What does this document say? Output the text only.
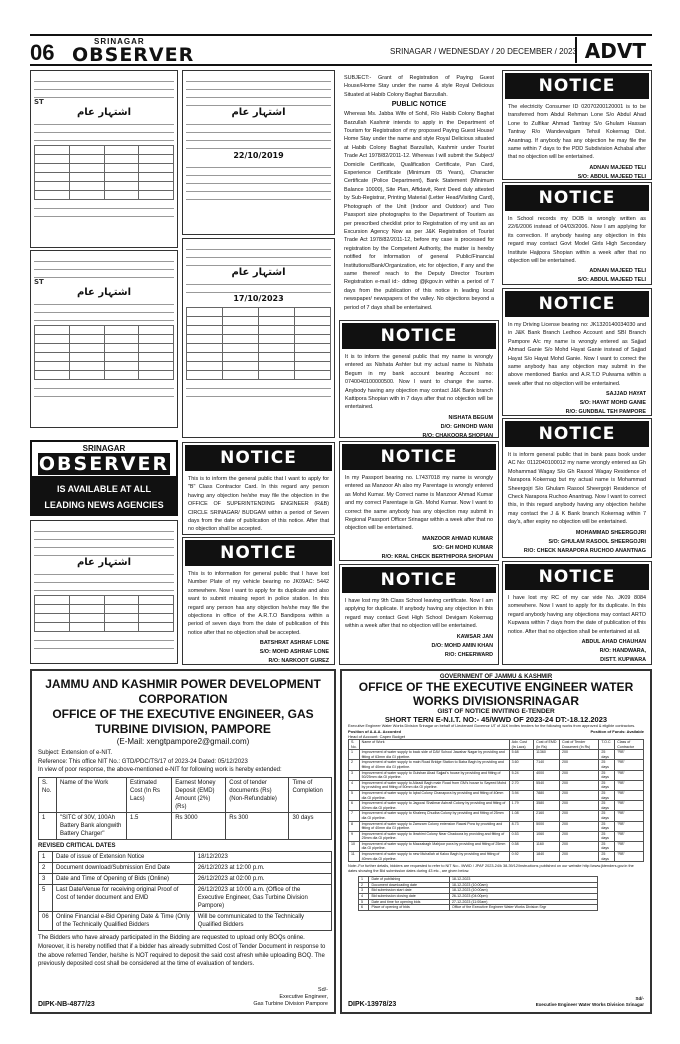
06	SRINAGAR
OBSERVER	SRINAGAR / WEDNESDAY / 20 DECEMBER / 2023 ADVT
ST
اشتہار عام

ST
اشتہار عام

اشتہار عام
22/10/2019
اشتہار عام
17/10/2023

SRINAGAR
OBSERVER
IS AVAILABLE AT ALL LEADING NEWS AGENCIES
اشتہار عام

NOTICE
This is to inform the general public that I want to apply for "B" Class Contractor Card. In this regard any person having any objection he/she may file the objection in the OFFICE OF SUPERINTENDING ENGINEER (R&B) CIRCLE SRINAGAR/ BUDGAM within a period of Seven days from the date of publication of this notice. After that no objection shall be accepted.
NOTICE
This is to information for general public that I have lost Number Plate of my vehicle bearing no JK09AC: 5442 somewhere. Now I want to apply for its duplicate and also want to submit missing report in police station. In this regard any person has any objection he/she may file the objections in office of the A.R.T.O Bandipora within a period of seven days from the date of publication of this notice after that no objection shall be accepted.
BATSHRAT ASHRAF LONE
S/O: MOHD ASHRAF LONE
R/O: NARKOOT GUREZ
SUBJECT:- Grant of Registration of Paying Guest House/Home Stay under the name & style Royal Delicious Situated at Habib Colony Baghat Barzullah.
PUBLIC NOTICE
Whereas Ms. Jabba Wife of Sohil, R/o Habib Colony Baghat Barzullah Kashmir intends to apply in the Department of Tourism for Registration of my proposed Paying Guest House/ Home Stay under the name and style Royal Delicious situated at Habib Colony Baghat Barzullah, Kashmir under Tourist Trade Act 1978/82/2011-12. Whereas I will submit the Subject/ Domicile Certificate, Qualification Certificate, Pan Card, Experience Certificate (Minimum 05 Years), Character Certificate (Police Department), Bank Statement (Minimum Balance 10000), Site Plan, Affidavit, Rent Deed duly attested by Sub-Registrar, Printing Material (Letter Head/Visiting Card), Photograph of the Unit (Indoor and Outdoor) and Two Passport size photographs to the Department of Tourism as per prescribed checklist prior to Registration of my unit as an Excursion Agency Now as per J&K Registration of Tourist Trade Act 1978/82/2011-12, before my case is processed for registration by the Competent Authority, the matter is hereby notified for information of general Public/Financial Institutions/Bank/Organization, etc for objection, if any and the same thereof reach to the Deputy Director Tourism Registration e-mail id:- ddtreg @jkgov.in within a period of 7 days from the publication of this notice in leading local newspaper/ newspapers of the valley. No objections beyond a period of 7 days shall be entertained.
NOTICE
It is to inform the general public that my name is wrongly entered as Nishata Ashter but my actual name is Nishata Begum in my bank account bearing Account no: 0740040100000500. Now I want to change the same. Anybody having any objection may contact J&K Bank branch Kattipora Shopian with in 7 days after that no objection will be entertained.
NISHATA BEGUM
D/O: GHNOHD WANI
R/O: CHAKOORA SHOPIAN
NOTICE
In my Passport bearing no. L7437018 my name is wrongly entered as Manzoor Ah also my Parentage is wrongly entered as Mohd Kumar. My Correct name is Manzoor Ahmad Kumar and my correct Parentage is Gh. Mohd Kumar. Now I want to correct the same anybody has any objection may submit in Regional Passport Officer Srinagar within a week after that no objection will be entertained.
MANZOOR AHMAD KUMAR
S/O: GH MOHD KUMAR
R/O: KRAL CHECK BERTHIPORA SHOPIAN
NOTICE
I have lost my 9th Class School leaving certificate. Now I am applying for duplicate. If anybody having any objection in this regard may contact Govt High School Devigam Kokernag within a week after that no objection will be entertained.
KAWSAR JAN
D/O: MOHD AMIN KHAN
R/O: CHEERWARD
NOTICE
The electricity Consumer ID 02070200120001 is to be transferred from Abdul Rehman Lone S/o Abdul Ahad Lone to Zulfikar Ahmad Tantray S/o Ghulam Hassan Tantray R/o Wandevalgam Tehsil Kokernag Dist. Anantnag. If anybody has any objection he may file the same within 7 days to the PDD Subdivision Achabal after that no objection will be entertained.
ADNAN MAJEED TELI
S/O: ABDUL MAJEED TELI
NOTICE
In School records my DOB is wrongly written as 22/6/2006 instead of 04/03/2006. Now I am applying for its correction. If anybody having any objection in this regard may contact Govt Model Girls High Secondary Institute Hajipora Shopian within a week after that no objection will be entertained.
ADNAN MAJEED TELI
S/O: ABDUL MAJEED TELI
NOTICE
In my Driving License bearing no: JK1320140034030 and in J&K Bank Branch Ledhoo Account and SBI Branch Pampore A/c my name is wrongly entered as Sajjad Ahmad Ganie S/o Mohd Hayat Ganie instead of Sajjad Hayat S/o Hayat Mohd Ganie. Now I want to correct the same anybody has any objection may submit in the above mentioned Banks and A.R.T.O Pulwama within a week after that no objection will be entertained.
SAJJAD HAYAT
S/O: HAYAT MOHD GANIE
R/O: GUNDBAL TEH PAMPORE
NOTICE
It is inform general public that in bank pass book under AC No: 0112040100012 my name wrongly entered as Gh Mohammad Wagay S/o Gh Rasool Wagay Residence of Narapora Kokernag but my actual name is Mohammad Sheergojri S/o Ghulam Rasool Sheergojri Residence of Check Narapora Ruchoo Anantnag. Now I want to correct this, in this regard anybody having any objection he/she may contact the J & K Bank branch Kokernag within 7 day's, after expiry no objection will be entertained.
MOHAMMAD SHEERGOJRI
S/O: GHULAM RASOOL SHEERGOJRI
R/O: CHECK NARAPORA RUCHOO ANANTNAG
NOTICE
I have lost my RC of my car vide No. JK09 8084 somewhere. Now I want to apply for its duplicate. In this regard anybody having any objections may contact ARTO Kupwara within 7 days from the date of publication of this notice. After that no objection shall be entertained at all.
ABDUL AHAD CHAUHAN
R/O: HANDWARA,
DISTT. KUPWARA
JAMMU AND KASHMIR POWER DEVELOPMENT CORPORATION
OFFICE OF THE EXECUTIVE ENGINEER, GAS TURBINE DIVISION, PAMPORE
(E-Mail: xengtpampore2@gmail.com)

Subject: Extension of e-NIT.

Reference: This office NIT No.: GTD/PDC/TS/17 of 2023-24 Dated: 05/12/2023

In view of poor response, the above-mentioned e-NIT for following work is hereby extended:

S. No.	Name of the Work	Estimated Cost (In Rs Lacs)	Earnest Money Deposit (EMD) Amount (2%) (Rs)	Cost of tender documents (Rs) (Non-Refundable)	Time of Completion
1	"SITC of 30V, 100Ah Battery Bank alongwith Battery Charger"	1.5	Rs 3000	Rs 300	30 days

REVISED CRITICAL DATES

1	Date of issue of Extension Notice	18/12/2023
2	Document download/Submission End Date	26/12/2023 at 12:00 p.m.
3	Date and Time of Opening of Bids (Online)	26/12/2023 at 02:00 p.m.
5	Last Date/Venue for receiving original Proof of Cost of tender document and EMD	26/12/2023 at 10:00 a.m. (Office of the Executive Engineer, Gas Turbine Division Pampore)
06	Online Financial e-Bid Opening Date & Time (Only of the Technically Qualified Bidders	Will be communicated to the Technically Qualified Bidders

The Bidders who have already participated in the Bidding are requested to upload only BOQs online. Moreover, it is hereby notified that if a bidder has already submitted Cost of Tender Document in response to the above referred Tender, he/she is NOT required to deposit the said cost afresh while uploading BOQ. The previously deposited cost shall be considered at the time of evaluation of tenders.

Sd/-
Executive Engineer,
Gas Turbine Division Pampore
DIPK-NB-4877/23
GOVERNMENT OF JAMMU & KASHMIR
OFFICE OF THE EXECUTIVE ENGINEER WATER WORKS DIVISIONSRINAGAR
GIST OF NOTICE INVITING E-TENDER
SHORT TERN E-N.I.T. NO:- 45/WWD OF 2023-24 DT:-18.12.2023
Executive Engineer Water Works Division Srinagar on behalf of Lieutenant Governor UT of J&K invites tenders for the following works from approved & eligible contractors.
Position of A.A.A. Accorded	Position of Funds: Available
Head of Account: Capex Budget
S. No.	Name of Work	Adv. Cost (In Lacs)	Cost of EMD (In Rs)	Cost of Tender Document (In Rs)	T.O.C	Class of Contractor
1	Improvement of water supply to back side of DAV School Jawahar Nagar by providing and fitting of 63mm dia GI pipeline.	5.68	11360	200	25 days	"RB"
2	Improvement of water supply to main Road Bridge Station to Baba Bagh by providing and fitting of 40mm dia GI pipeline.	3.60	7140	200	25 days	"RB"
3	Improvement of water supply to Gulshan Ahad Sajjad's house by providing and fitting of 50/25mm dia GI pipeline.	5.24	4000	200	25 days	"RB"
4	Improvement of water supply to Alizadi Bagh main Road from GM's house to Sayeed Mohd by providing and fitting of 50mm dia GI pipeline.	2.70	5540	200	25 days	"RB"
5	Improvement of water supply to Iqbal Colony Chanapora by providing and fitting of 40mm dia GI pipeline.	3.94	7880	200	25 days	"RB"
6	Improvement of water supply to Jagoosi Shalimar Ashrafi Colony by providing and fitting of 40mm dia GI pipeline.	1.79	3580	200	25 days	"RB"
7	Improvement of water supply to Khaleeq Chudba Colony by providing and fitting of 25mm dia GI pipeline.	1.08	2160	200	25 days	"RB"
8	Improvement of water supply to Zamzam Colony extension Rawal Pora by providing and fitting of 40mm dia GI pipeline.	8.73	5000	200	25 days	"RB"
9	Improvement of water supply to Ibrahimi Colony Near Chadoora by providing and fitting of 25mm dia GI pipeline.	0.53	1060	200	25 days	"RB"
10	Improvement of water supply to Mazzabagh Mahjoor pora by providing and fitting of 25mm dia GI pipeline.	0.58	1160	200	25 days	"RB"
11	Improvement of water supply to new Muhallah at Kaloo Bagh by providing and fitting of 40mm dia GI pipeline.	0.92	1840	200	25 days	"RB"
Note:-For further details, bidders are requested to refer to NIT No:- /WWD / JPAF 2023-24/k 38-39/12/Instructions published on our website http://www.jktenders.gov.in the dates showing the Bid submission dates during 43 etc., are given below.
1	Date of publishing	18-12-2023
2	Document downloading date	18-12-2023 (10:00am)
3	Bid submission start date	18-12-2023 (10:00am)
4	Bid submission closing date	26-12-2023 (04:00pm)
5	Date and time for opening bids	27-12-2023 (11:00am)
6	Place of opening of bids	Office of the Executive Engineer Water Works Division Srgr
DIPK-13978/23
Sd/-
Executive Engineer Water Works Division Srinagar
